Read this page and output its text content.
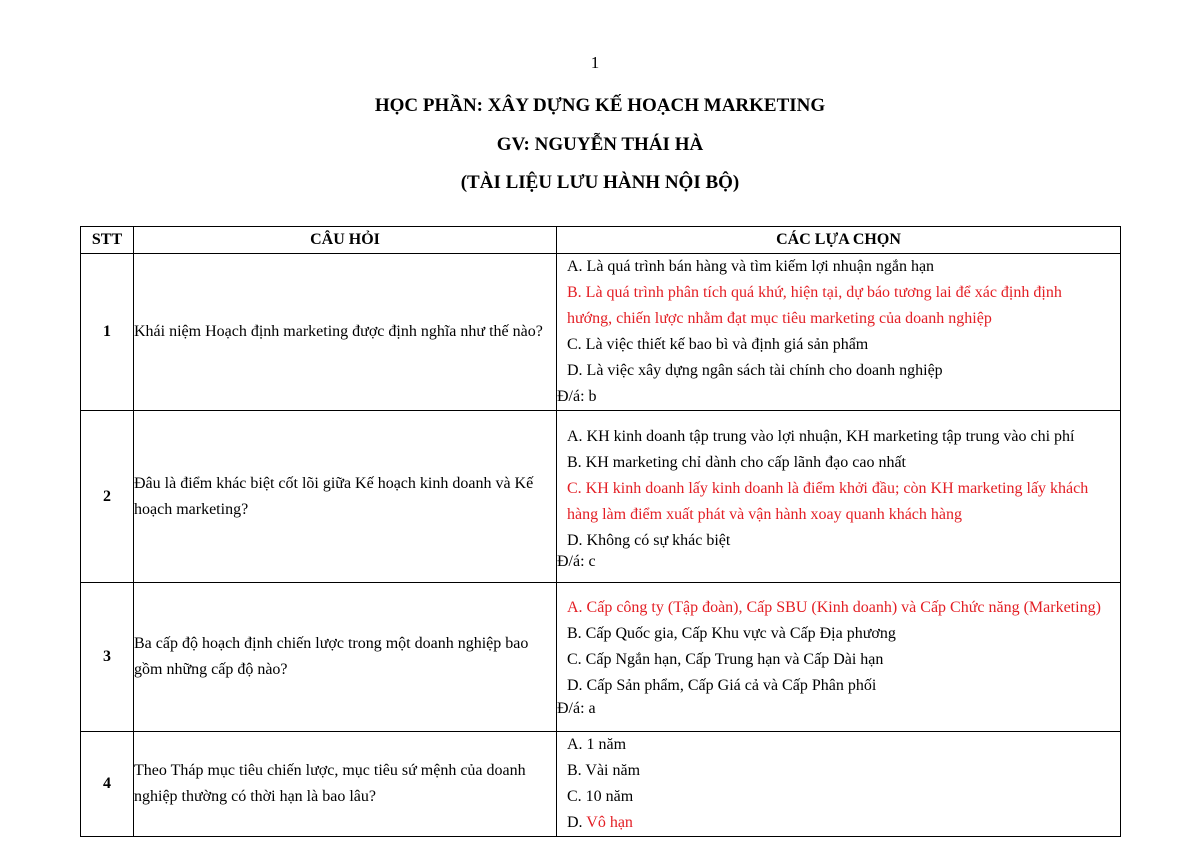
1
HỌC PHẦN: XÂY DỰNG KẾ HOẠCH MARKETING
GV: NGUYỄN THÁI HÀ
(TÀI LIỆU LƯU HÀNH NỘI BỘ)
STT	CÂU HỎI	CÁC LỰA CHỌN
1	Khái niệm Hoạch định marketing được định nghĩa như thế nào?	A. Là quá trình bán hàng và tìm kiếm lợi nhuận ngắn hạn
B. Là quá trình phân tích quá khứ, hiện tại, dự báo tương lai để xác định định hướng, chiến lược nhằm đạt mục tiêu marketing của doanh nghiệp
C. Là việc thiết kế bao bì và định giá sản phẩm
D. Là việc xây dựng ngân sách tài chính cho doanh nghiệp
Đ/á: b

2	Đâu là điểm khác biệt cốt lõi giữa Kế hoạch kinh doanh và Kế hoạch marketing?	A. KH kinh doanh tập trung vào lợi nhuận, KH marketing tập trung vào chi phí
B. KH marketing chỉ dành cho cấp lãnh đạo cao nhất
C. KH kinh doanh lấy kinh doanh là điểm khởi đầu; còn KH marketing lấy khách hàng làm điểm xuất phát và vận hành xoay quanh khách hàng
D. Không có sự khác biệt
Đ/á: c

3	Ba cấp độ hoạch định chiến lược trong một doanh nghiệp bao gồm những cấp độ nào?	A. Cấp công ty (Tập đoàn), Cấp SBU (Kinh doanh) và Cấp Chức năng (Marketing)
B. Cấp Quốc gia, Cấp Khu vực và Cấp Địa phương
C. Cấp Ngắn hạn, Cấp Trung hạn và Cấp Dài hạn
D. Cấp Sản phẩm, Cấp Giá cả và Cấp Phân phối
Đ/á: a

4	Theo Tháp mục tiêu chiến lược, mục tiêu sứ mệnh của doanh nghiệp thường có thời hạn là bao lâu?	A. 1 năm
B. Vài năm
C. 10 năm
D. Vô hạn
